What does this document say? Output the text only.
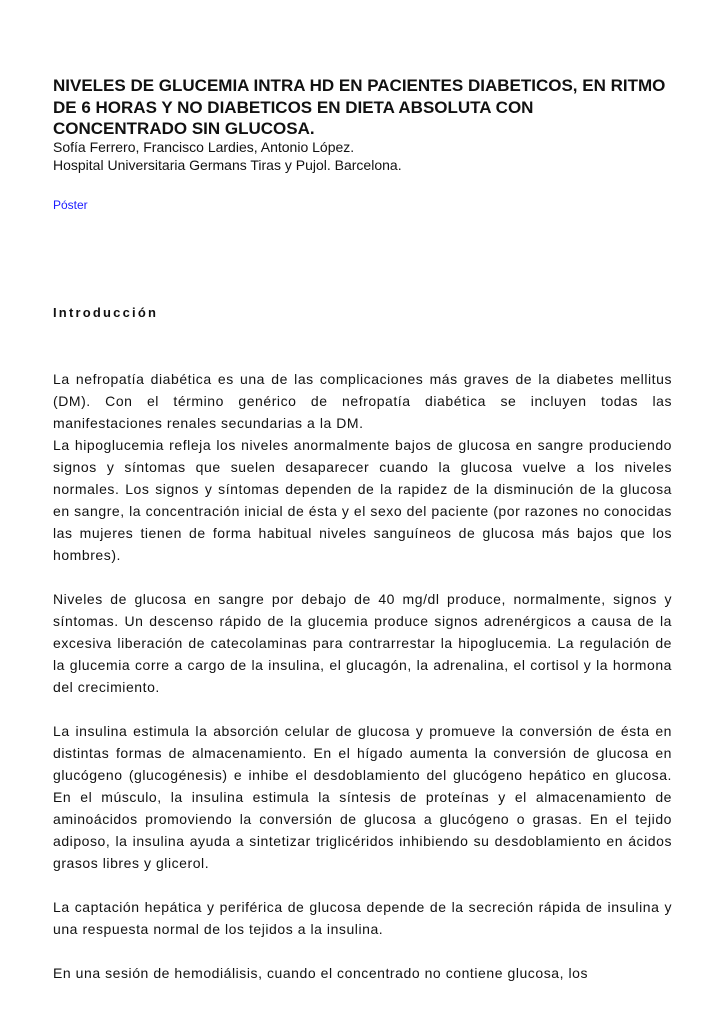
NIVELES DE GLUCEMIA INTRA HD EN PACIENTES DIABETICOS, EN RITMO DE 6 HORAS Y NO DIABETICOS EN DIETA ABSOLUTA CON CONCENTRADO SIN GLUCOSA.

Sofía Ferrero, Francisco Lardies, Antonio López.

Hospital Universitaria Germans Tiras y Pujol. Barcelona.

Póster
Introducción

La nefropatía diabética es una de las complicaciones más graves de la diabetes mellitus (DM). Con el término genérico de nefropatía diabética se incluyen todas las manifestaciones renales secundarias a la DM.

La hipoglucemia refleja los niveles anormalmente bajos de glucosa en sangre produciendo signos y síntomas que suelen desaparecer cuando la glucosa vuelve a los niveles normales. Los signos y síntomas dependen de la rapidez de la disminución de la glucosa en sangre, la concentración inicial de ésta y el sexo del paciente (por razones no conocidas las mujeres tienen de forma habitual niveles sanguíneos de glucosa más bajos que los hombres).

Niveles de glucosa en sangre por debajo de 40 mg/dl produce, normalmente, signos y síntomas. Un descenso rápido de la glucemia produce signos adrenérgicos a causa de la excesiva liberación de catecolaminas para contrarrestar la hipoglucemia. La regulación de la glucemia corre a cargo de la insulina, el glucagón, la adrenalina, el cortisol y la hormona del crecimiento.

La insulina estimula la absorción celular de glucosa y promueve la conversión de ésta en distintas formas de almacenamiento. En el hígado aumenta la conversión de glucosa en glucógeno (glucogénesis) e inhibe el desdoblamiento del glucógeno hepático en glucosa. En el músculo, la insulina estimula la síntesis de proteínas y el almacenamiento de aminoácidos promoviendo la conversión de glucosa a glucógeno o grasas. En el tejido adiposo, la insulina ayuda a sintetizar triglicéridos inhibiendo su desdoblamiento en ácidos grasos libres y glicerol.

La captación hepática y periférica de glucosa depende de la secreción rápida de insulina y una respuesta normal de los tejidos a la insulina.

En una sesión de hemodiálisis, cuando el concentrado no contiene glucosa, los
